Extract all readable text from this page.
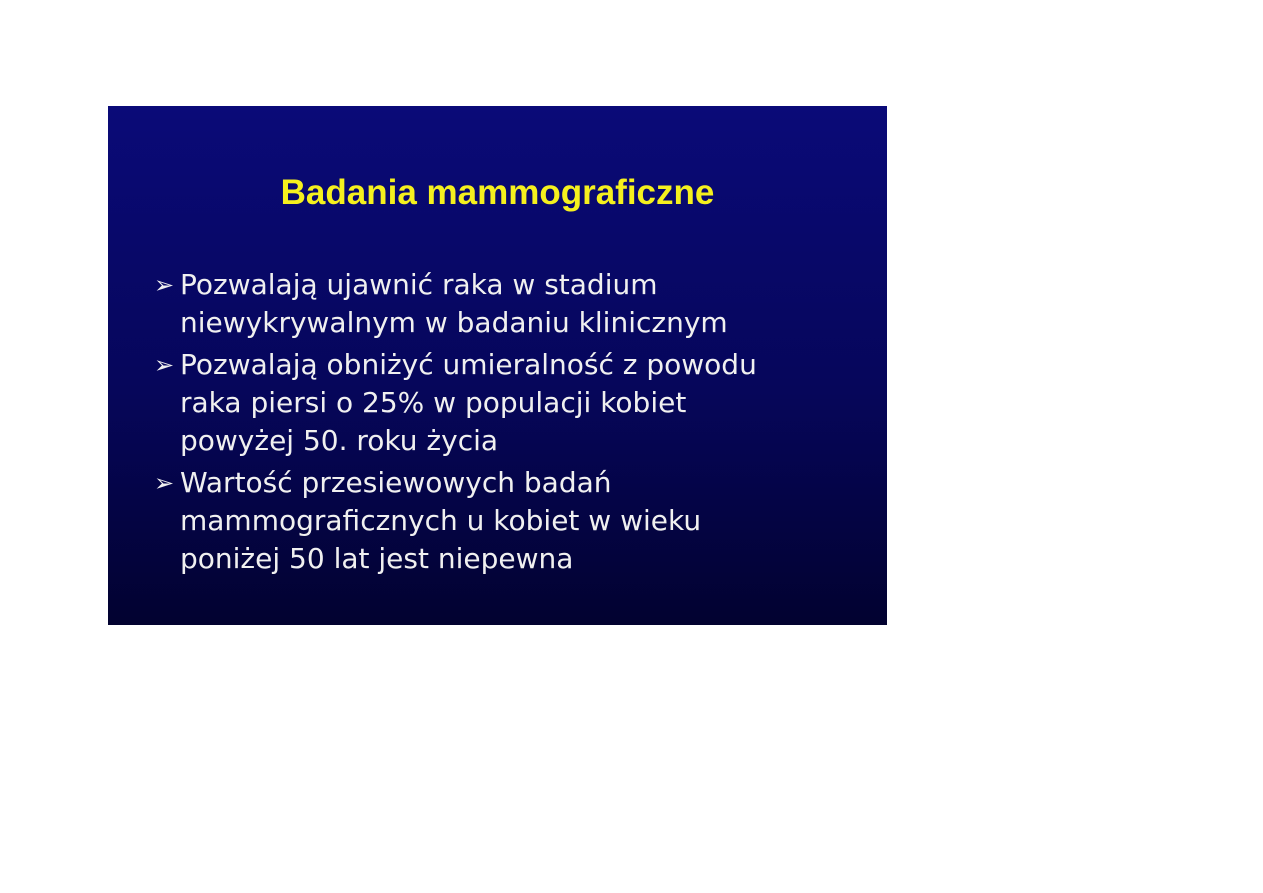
Badania mammograficzne
➢ Pozwalają ujawnić raka w stadium
niewykrywalnym w badaniu klinicznym
➢ Pozwalają obniżyć umieralność z powodu
raka piersi o 25% w populacji kobiet
powyżej 50. roku życia
➢ Wartość przesiewowych badań
mammograficznych u kobiet w wieku
poniżej 50 lat jest niepewna
